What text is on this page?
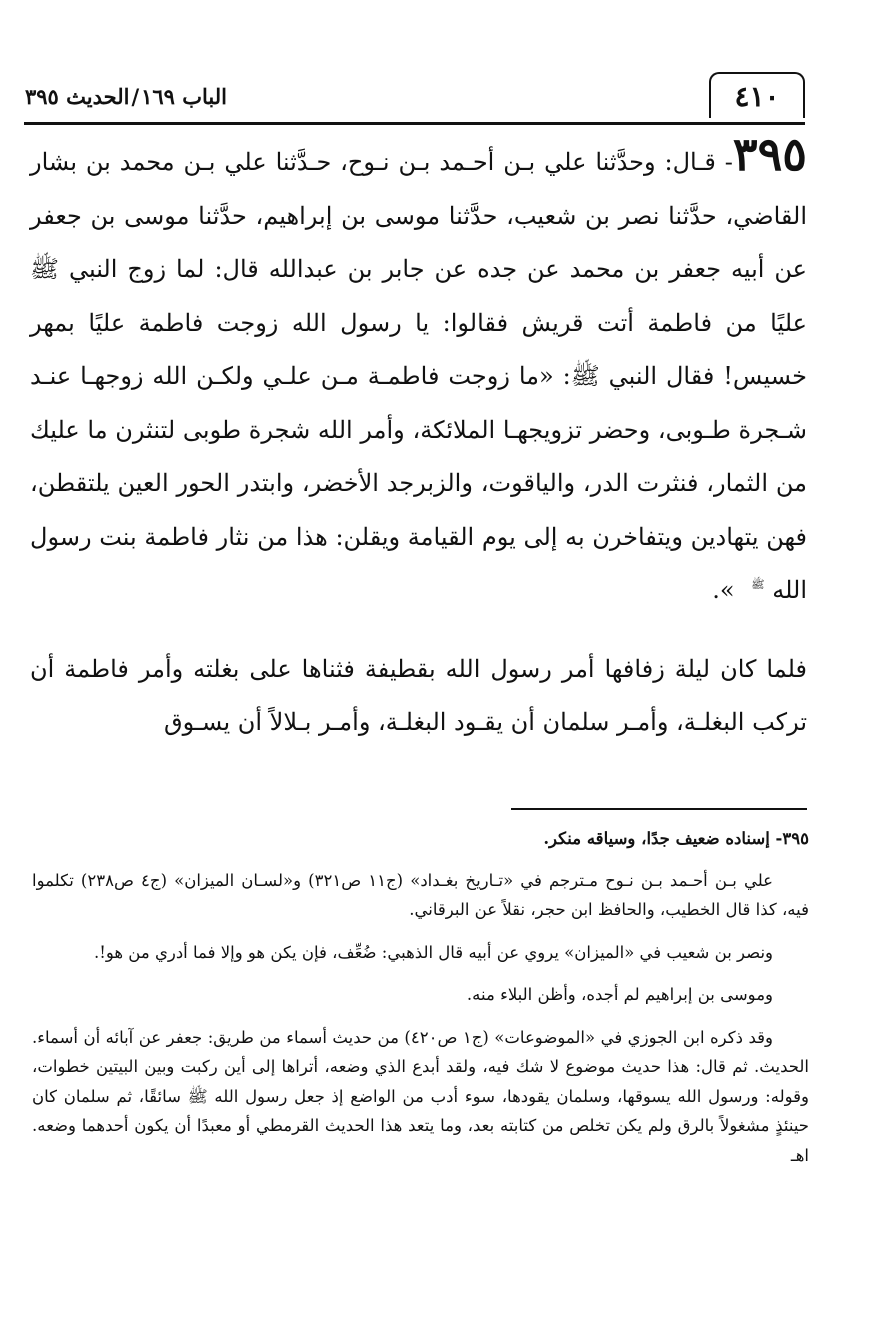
٤١٠
الباب ١٦٩/الحديث ٣٩٥

٣٩٥- قـال: وحدَّثنا علي بـن أحـمد بـن نـوح، حـدَّثنا علي بـن محمد بن بشار القاضي، حدَّثنا نصر بن شعيب، حدَّثنا موسى بن إبراهيم، حدَّثنا موسى بن جعفر عن أبيه جعفر بن محمد عن جده عن جابر بن عبدالله قال: لما زوج النبي ﷺ عليًا من فاطمة أتت قريش فقالوا: يا رسول الله زوجت فاطمة عليًا بمهر خسيس! فقال النبي ﷺ: «ما زوجت فاطمـة مـن علـي ولكـن الله زوجهـا عنـد شـجرة طـوبى، وحضر تزويجهـا الملائكة، وأمر الله شجرة طوبى لتنثرن ما عليك من الثمار، فنثرت الدر، والياقوت، والزبرجد الأخضر، وابتدر الحور العين يلتقطن، فهن يتهادين ويتفاخرن به إلى يوم القيامة ويقلن: هذا من نثار فاطمة بنت رسول الله ﷺ».

فلما كان ليلة زفافها أمر رسول الله بقطيفة فثناها على بغلته وأمر فاطمة أن تركب البغلـة، وأمـر سلمان أن يقـود البغلـة، وأمـر بـلالاً أن يسـوق

٣٩٥- إسناده ضعيف جدًا، وسياقه منكر.

علي بـن أحـمد بـن نـوح مـترجم في «تـاريخ بغـداد» (ج١١ ص٣٢١) و«لسـان الميزان» (ج٤ ص٢٣٨) تكلموا فيه، كذا قال الخطيب، والحافظ ابن حجر، نقلاً عن البرقاني.

ونصر بن شعيب في «الميزان» يروي عن أبيه قال الذهبي: ضُعِّف، فإن يكن هو وإلا فما أدري من هو!.

وموسى بن إبراهيم لم أجده، وأظن البلاء منه.

وقد ذكره ابن الجوزي في «الموضوعات» (ج١ ص٤٢٠) من حديث أسماء من طريق: جعفر عن آبائه أن أسماء. الحديث. ثم قال: هذا حديث موضوع لا شك فيه، ولقد أبدع الذي وضعه، أتراها إلى أين ركبت وبين البيتين خطوات، وقوله: ورسول الله يسوقها، وسلمان يقودها، سوء أدب من الواضع إذ جعل رسول الله ﷺ سائقًا، ثم سلمان كان حينئذٍ مشغولاً بالرق ولم يكن تخلص من كتابته بعد، وما يتعد هذا الحديث القرمطي أو معبدًا أن يكون أحدهما وضعه. اهـ
